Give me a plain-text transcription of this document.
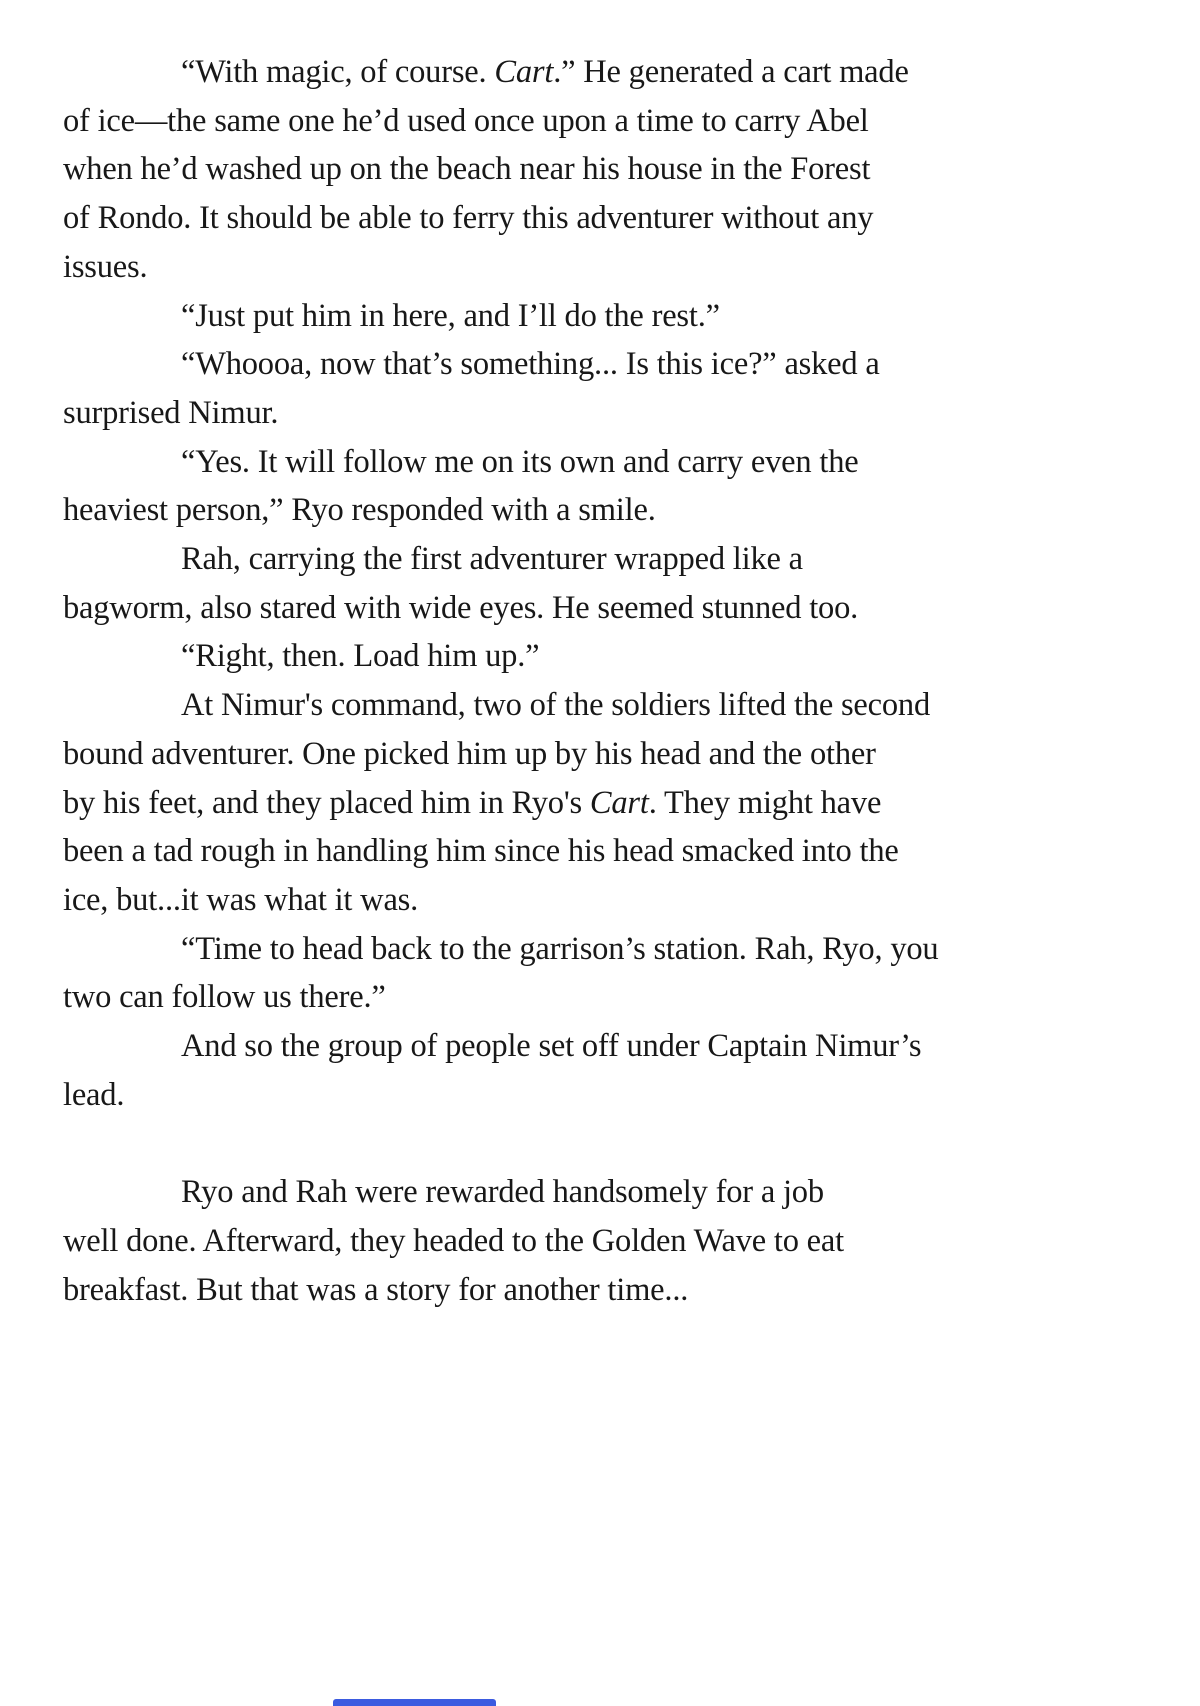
“With magic, of course. Cart.” He generated a cart made
of ice—the same one he’d used once upon a time to carry Abel
when he’d washed up on the beach near his house in the Forest
of Rondo. It should be able to ferry this adventurer without any
issues.
“Just put him in here, and I’ll do the rest.”
“Whoooa, now that’s something... Is this ice?” asked a
surprised Nimur.
“Yes. It will follow me on its own and carry even the
heaviest person,” Ryo responded with a smile.
Rah, carrying the first adventurer wrapped like a
bagworm, also stared with wide eyes. He seemed stunned too.
“Right, then. Load him up.”
At Nimur's command, two of the soldiers lifted the second
bound adventurer. One picked him up by his head and the other
by his feet, and they placed him in Ryo's Cart. They might have
been a tad rough in handling him since his head smacked into the
ice, but...it was what it was.
“Time to head back to the garrison’s station. Rah, Ryo, you
two can follow us there.”
And so the group of people set off under Captain Nimur’s
lead.

Ryo and Rah were rewarded handsomely for a job
well done. Afterward, they headed to the Golden Wave to eat
breakfast. But that was a story for another time...
